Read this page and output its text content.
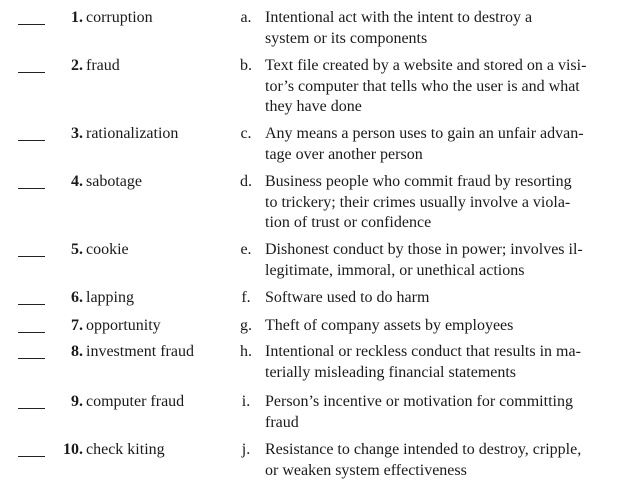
1. corruption
2. fraud
3. rationalization
4. sabotage
5. cookie
6. lapping
7. opportunity
8. investment fraud
9. computer fraud
10. check kiting
a. Intentional act with the intent to destroy a
system or its components
b. Text file created by a website and stored on a visi-
tor’s computer that tells who the user is and what
they have done
c. Any means a person uses to gain an unfair advan-
tage over another person
d. Business people who commit fraud by resorting
to trickery; their crimes usually involve a viola-
tion of trust or confidence
e. Dishonest conduct by those in power; involves il-
legitimate, immoral, or unethical actions
f. Software used to do harm
g. Theft of company assets by employees
h. Intentional or reckless conduct that results in ma-
terially misleading financial statements
i. Person’s incentive or motivation for committing
fraud
j. Resistance to change intended to destroy, cripple,
or weaken system effectiveness
